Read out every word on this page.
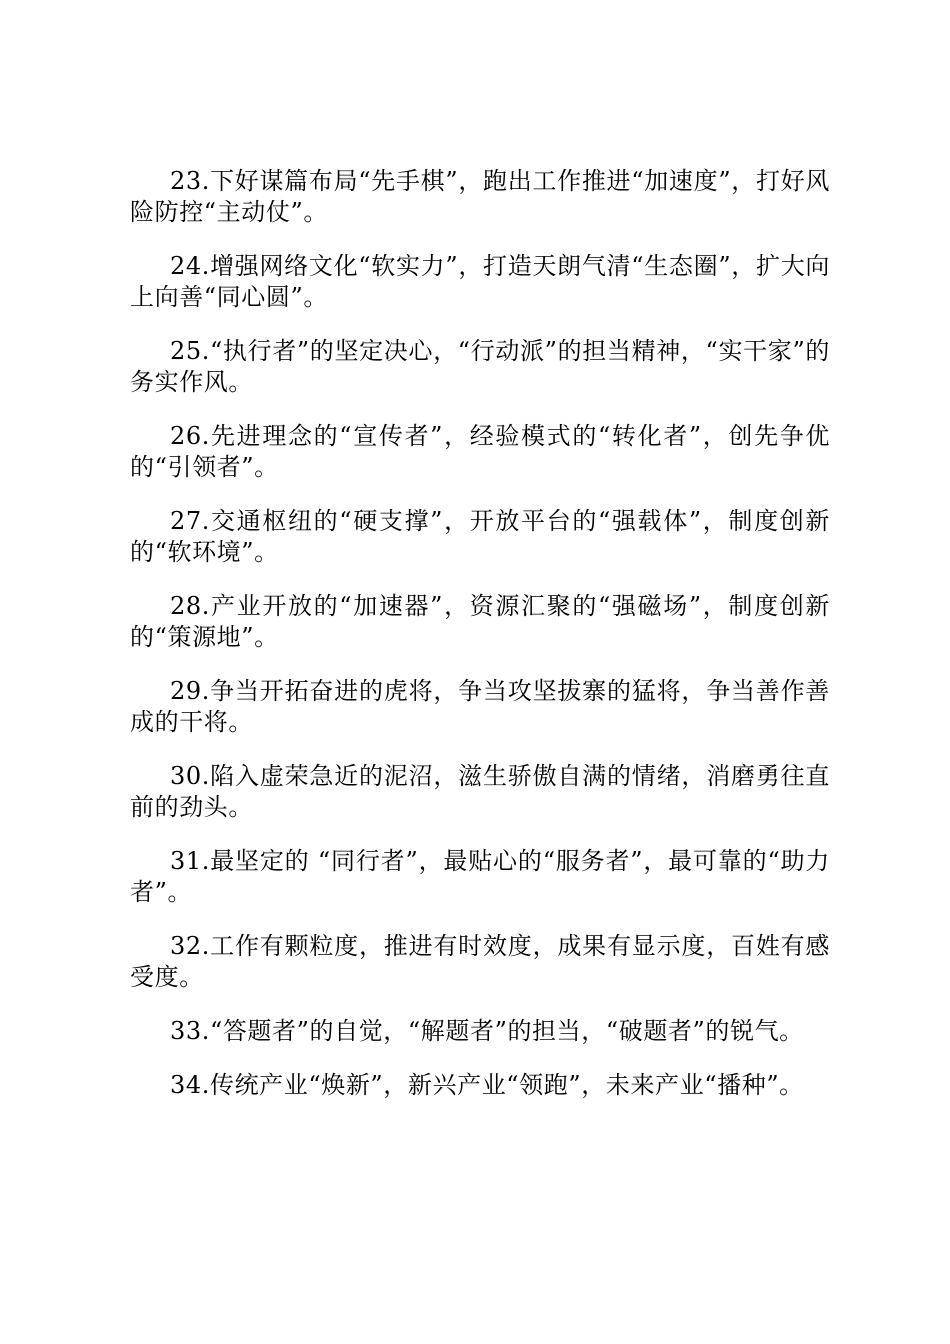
23.下好谋篇布局“先手棋”，跑出工作推进“加速度”，打好风险防控“主动仗”。

24.增强网络文化“软实力”，打造天朗气清“生态圈”，扩大向上向善“同心圆”。

25.“执行者”的坚定决心，“行动派”的担当精神，“实干家”的务实作风。

26.先进理念的“宣传者”，经验模式的“转化者”，创先争优的“引领者”。

27.交通枢纽的“硬支撑”，开放平台的“强载体”，制度创新的“软环境”。

28.产业开放的“加速器”，资源汇聚的“强磁场”，制度创新的“策源地”。

29.争当开拓奋进的虎将，争当攻坚拔寨的猛将，争当善作善成的干将。

30.陷入虚荣急近的泥沼，滋生骄傲自满的情绪，消磨勇往直前的劲头。

31.最坚定的 “同行者”，最贴心的“服务者”，最可靠的“助力者”。

32.工作有颗粒度，推进有时效度，成果有显示度，百姓有感受度。

33.“答题者”的自觉，“解题者”的担当，“破题者”的锐气。

34.传统产业“焕新”，新兴产业“领跑”，未来产业“播种”。
